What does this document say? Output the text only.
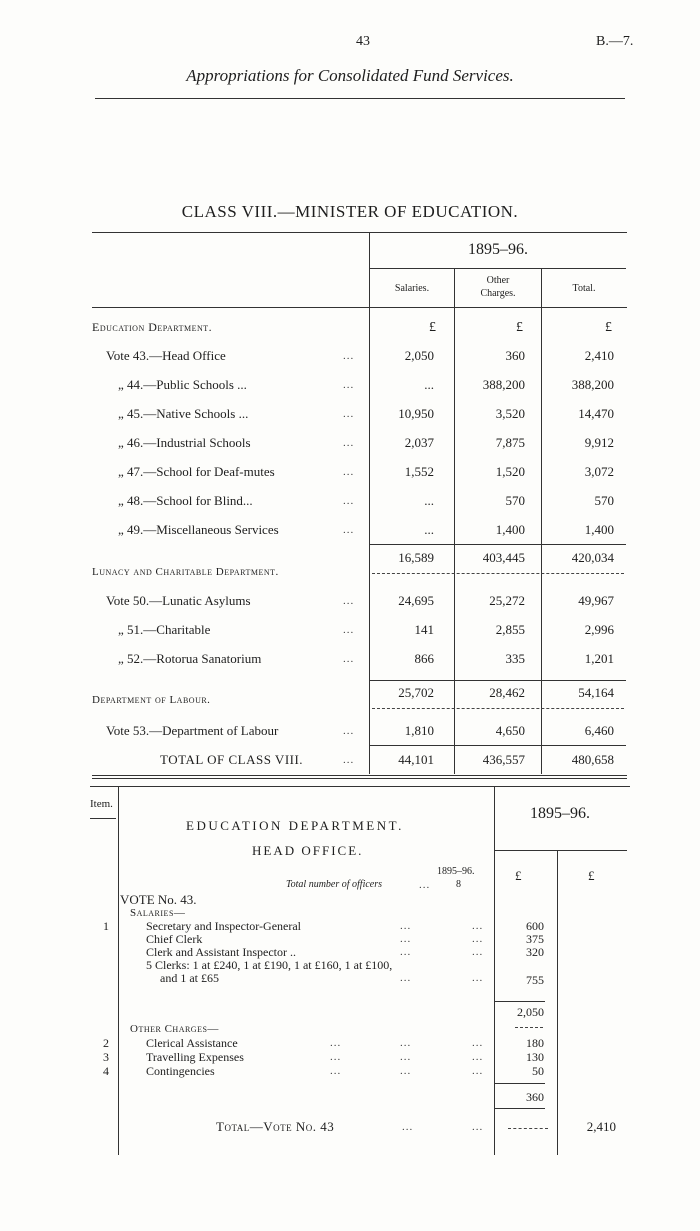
43	B.—7.
Appropriations for Consolidated Fund Services.
CLASS VIII.—MINISTER OF EDUCATION.
1895–96.
Salaries.
Other
Charges.	Total.
Education Department.	£	£	£
Vote 43.—Head Office	...	2,050	360	2,410
„ 44.—Public Schools ...	...	...	388,200	388,200
„ 45.—Native Schools ...	...	10,950	3,520	14,470
„ 46.—Industrial Schools	...	2,037	7,875	9,912
„ 47.—School for Deaf-mutes	...	1,552	1,520	3,072
„ 48.—School for Blind...	...	...	570	570
„ 49.—Miscellaneous Services	...	...	1,400	1,400
16,589	403,445	420,034
Lunacy and Charitable Department.
Vote 50.—Lunatic Asylums	...	24,695	25,272	49,967
„ 51.—Charitable	...	141	2,855	2,996
„ 52.—Rotorua Sanatorium	...	866	335	1,201
25,702	28,462	54,164
Department of Labour.
Vote 53.—Department of Labour	...	1,810	4,650	6,460
TOTAL OF CLASS VIII.	...	44,101	436,557	480,658
Item.
EDUCATION DEPARTMENT.
HEAD OFFICE.
1895–96.
1895–96.
Total number of officers	...	8
£	£
VOTE No. 43.
Salaries—
1	Secretary and Inspector-General	...	...	600
Chief Clerk	...	...	375
Clerk and Assistant Inspector ..	...	...	320
5 Clerks: 1 at £240, 1 at £190, 1 at £160, 1 at £100,
and 1 at £65	...	...	755
2,050
Other Charges—
2	Clerical Assistance	...	...	...	180
3	Travelling Expenses	...	...	...	130
4	Contingencies	...	...	...	50
360
Total—Vote No. 43	...	...	2,410
